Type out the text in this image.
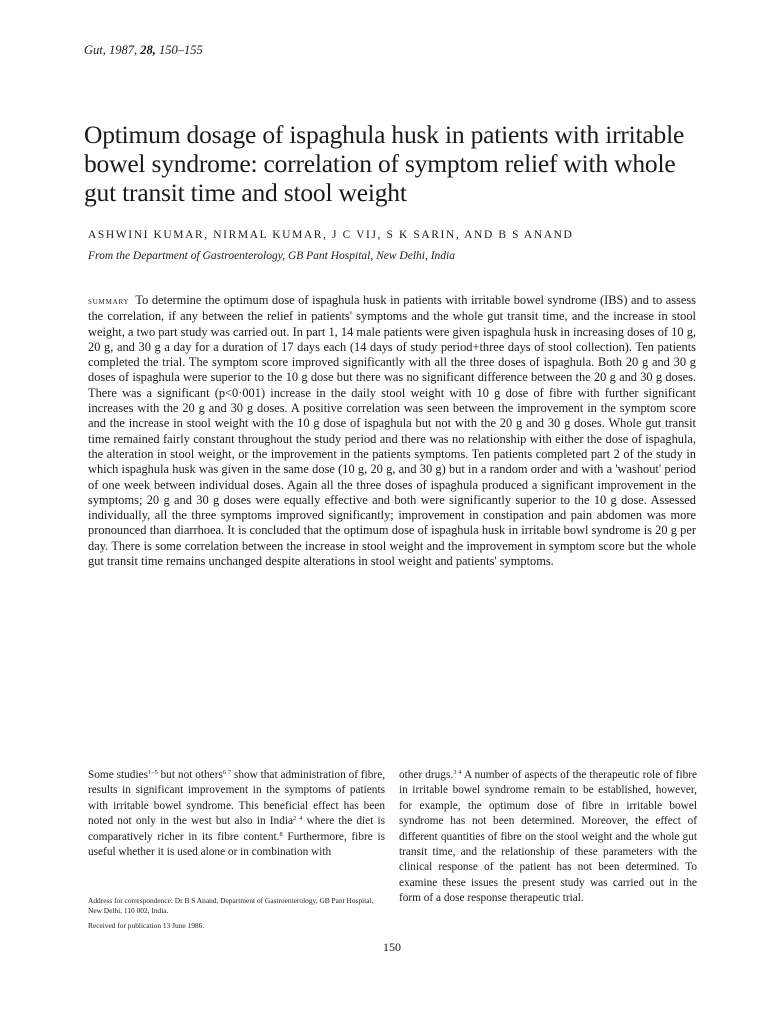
Gut, 1987, 28, 150–155
Optimum dosage of ispaghula husk in patients with irritable bowel syndrome: correlation of symptom relief with whole gut transit time and stool weight
ASHWINI KUMAR, NIRMAL KUMAR, J C VIJ, S K SARIN, AND B S ANAND
From the Department of Gastroenterology, GB Pant Hospital, New Delhi, India

summary To determine the optimum dose of ispaghula husk in patients with irritable bowel syndrome (IBS) and to assess the correlation, if any between the relief in patients' symptoms and the whole gut transit time, and the increase in stool weight, a two part study was carried out. In part 1, 14 male patients were given ispaghula husk in increasing doses of 10 g, 20 g, and 30 g a day for a duration of 17 days each (14 days of study period+three days of stool collection). Ten patients completed the trial. The symptom score improved significantly with all the three doses of ispaghula. Both 20 g and 30 g doses of ispaghula were superior to the 10 g dose but there was no significant difference between the 20 g and 30 g doses. There was a significant (p<0·001) increase in the daily stool weight with 10 g dose of fibre with further significant increases with the 20 g and 30 g doses. A positive correlation was seen between the improvement in the symptom score and the increase in stool weight with the 10 g dose of ispaghula but not with the 20 g and 30 g doses. Whole gut transit time remained fairly constant throughout the study period and there was no relationship with either the dose of ispaghula, the alteration in stool weight, or the improvement in the patients symptoms. Ten patients completed part 2 of the study in which ispaghula husk was given in the same dose (10 g, 20 g, and 30 g) but in a random order and with a 'washout' period of one week between individual doses. Again all the three doses of ispaghula produced a significant improvement in the symptoms; 20 g and 30 g doses were equally effective and both were significantly superior to the 10 g dose. Assessed individually, all the three symptoms improved significantly; improvement in constipation and pain abdomen was more pronounced than diarrhoea. It is concluded that the optimum dose of ispaghula husk in irritable bowl syndrome is 20 g per day. There is some correlation between the increase in stool weight and the improvement in symptom score but the whole gut transit time remains unchanged despite alterations in stool weight and patients' symptoms.

Some studies$^{1-5}$ but not others$^{6 7}$ show that administration of fibre, results in significant improvement in the symptoms of patients with irritable bowel syndrome. This beneficial effect has been noted not only in the west but also in India$^{2 4}$ where the diet is comparatively richer in its fibre content.$^8$ Furthermore, fibre is useful whether it is used alone or in combination with

Address for correspondence: Dr B S Anand, Department of Gastroenterology, GB Pant Hospital, New Delhi, 110 002, India.

Received for publication 13 June 1986.

other drugs.$^{3 4}$ A number of aspects of the therapeutic role of fibre in irritable bowel syndrome remain to be established, however, for example, the optimum dose of fibre in irritable bowel syndrome has not been determined. Moreover, the effect of different quantities of fibre on the stool weight and the whole gut transit time, and the relationship of these parameters with the clinical response of the patient has not been determined. To examine these issues the present study was carried out in the form of a dose response therapeutic trial.

150
